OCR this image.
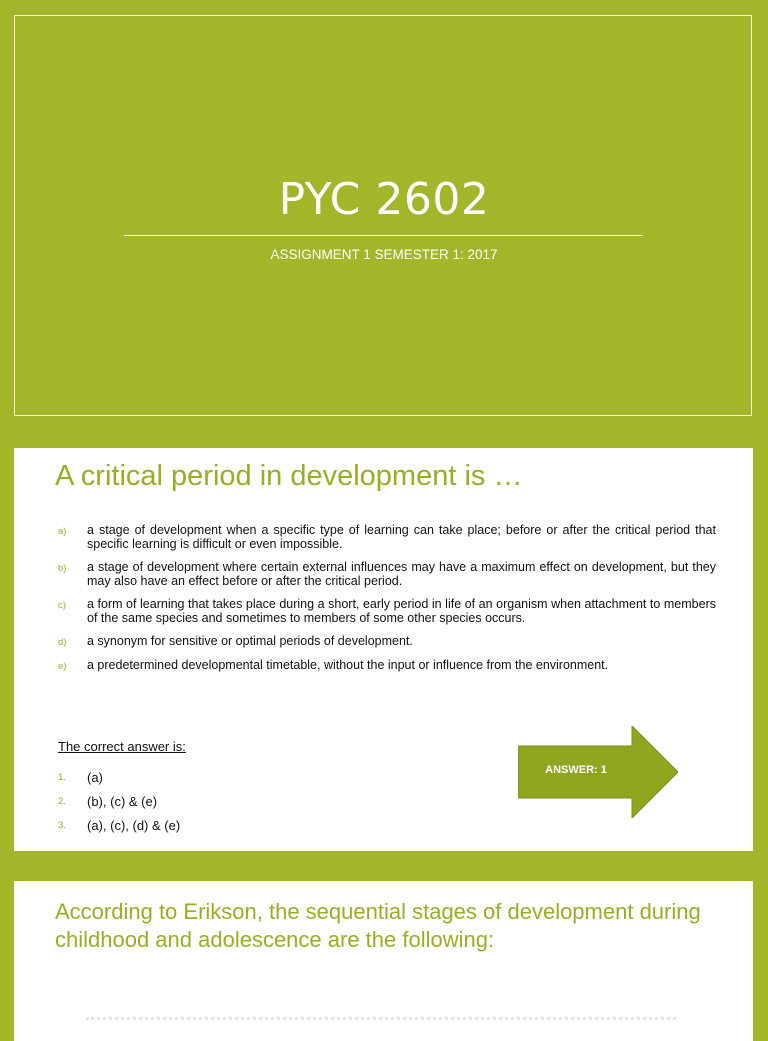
PYC 2602
ASSIGNMENT 1 SEMESTER 1: 2017
A critical period in development is …
a)	a stage of development when a specific type of learning can take place; before or after the critical period that specific learning is difficult or even impossible.
b)	a stage of development where certain external influences may have a maximum effect on development, but they may also have an effect before or after the critical period.
c)	a form of learning that takes place during a short, early period in life of an organism when attachment to members of the same species and sometimes to members of some other species occurs.
d)	a synonym for sensitive or optimal periods of development.
e)	a predetermined developmental timetable, without the input or influence from the environment.
The correct answer is:
1.	(a)
2.	(b), (c) & (e)
3.	(a), (c), (d) & (e)
ANSWER: 1
According to Erikson, the sequential stages of development during childhood and adolescence are the following:
